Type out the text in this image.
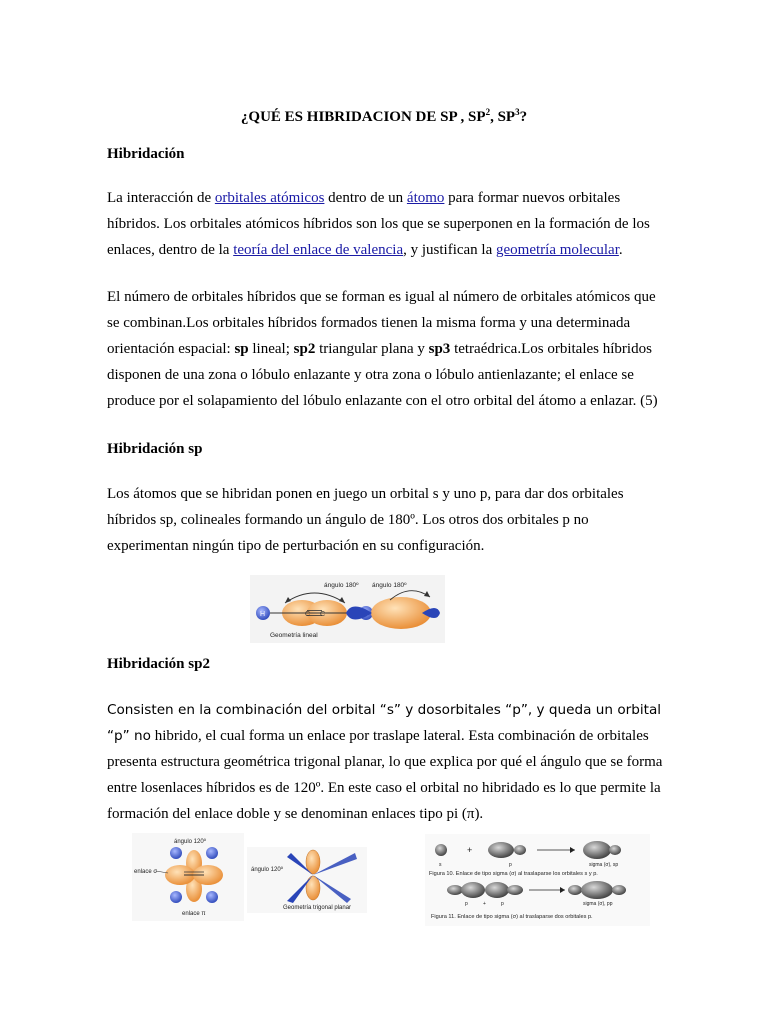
¿QUÉ ES HIBRIDACION DE SP , $SP^2$, $SP^3$?
Hibridación
La interacción de orbitales atómicos dentro de un átomo para formar nuevos orbitales híbridos. Los orbitales atómicos híbridos son los que se superponen en la formación de los enlaces, dentro de la teoría del enlace de valencia, y justifican la geometría molecular.
El número de orbitales híbridos que se forman es igual al número de orbitales atómicos que se combinan.Los orbitales híbridos formados tienen la misma forma y una determinada orientación espacial: sp lineal; sp2 triangular plana y sp3 tetraédrica.Los orbitales híbridos disponen de una zona o lóbulo enlazante y otra zona o lóbulo antienlazante; el enlace se produce por el solapamiento del lóbulo enlazante con el otro orbital del átomo a enlazar. (5)
Hibridación sp
Los átomos que se hibridan ponen en juego un orbital s y uno p, para dar dos orbitales híbridos sp, colineales formando un ángulo de 180º. Los otros dos orbitales p no experimentan ningún tipo de perturbación en su configuración.
H	C C
ángulo 180º
Geometría lineal
ángulo 180º
Hibridación sp2
Consisten en la combinación del orbital “s” y dosorbitales “p”, y queda un orbital “p” no hibrido, el cual forma un enlace por traslape lateral. Esta combinación de orbitales presenta estructura geométrica trigonal planar, lo que explica por qué el ángulo que se forma entre losenlaces híbridos es de 120º. En este caso el orbital no hibridado es lo que permite la formación del enlace doble y se denominan enlaces tipo pi (π).
ángulo 120º
enlace σ
enlace π
ángulo 120º
Geometría trigonal planar
+
s	p	sigma (σ), sp
Figura 10. Enlace de tipo sigma (σ) al traslaparse los orbitales s y p.
p	+	p	sigma (σ), pp
Figura 11. Enlace de tipo sigma (σ) al traslaparse dos orbitales p.
